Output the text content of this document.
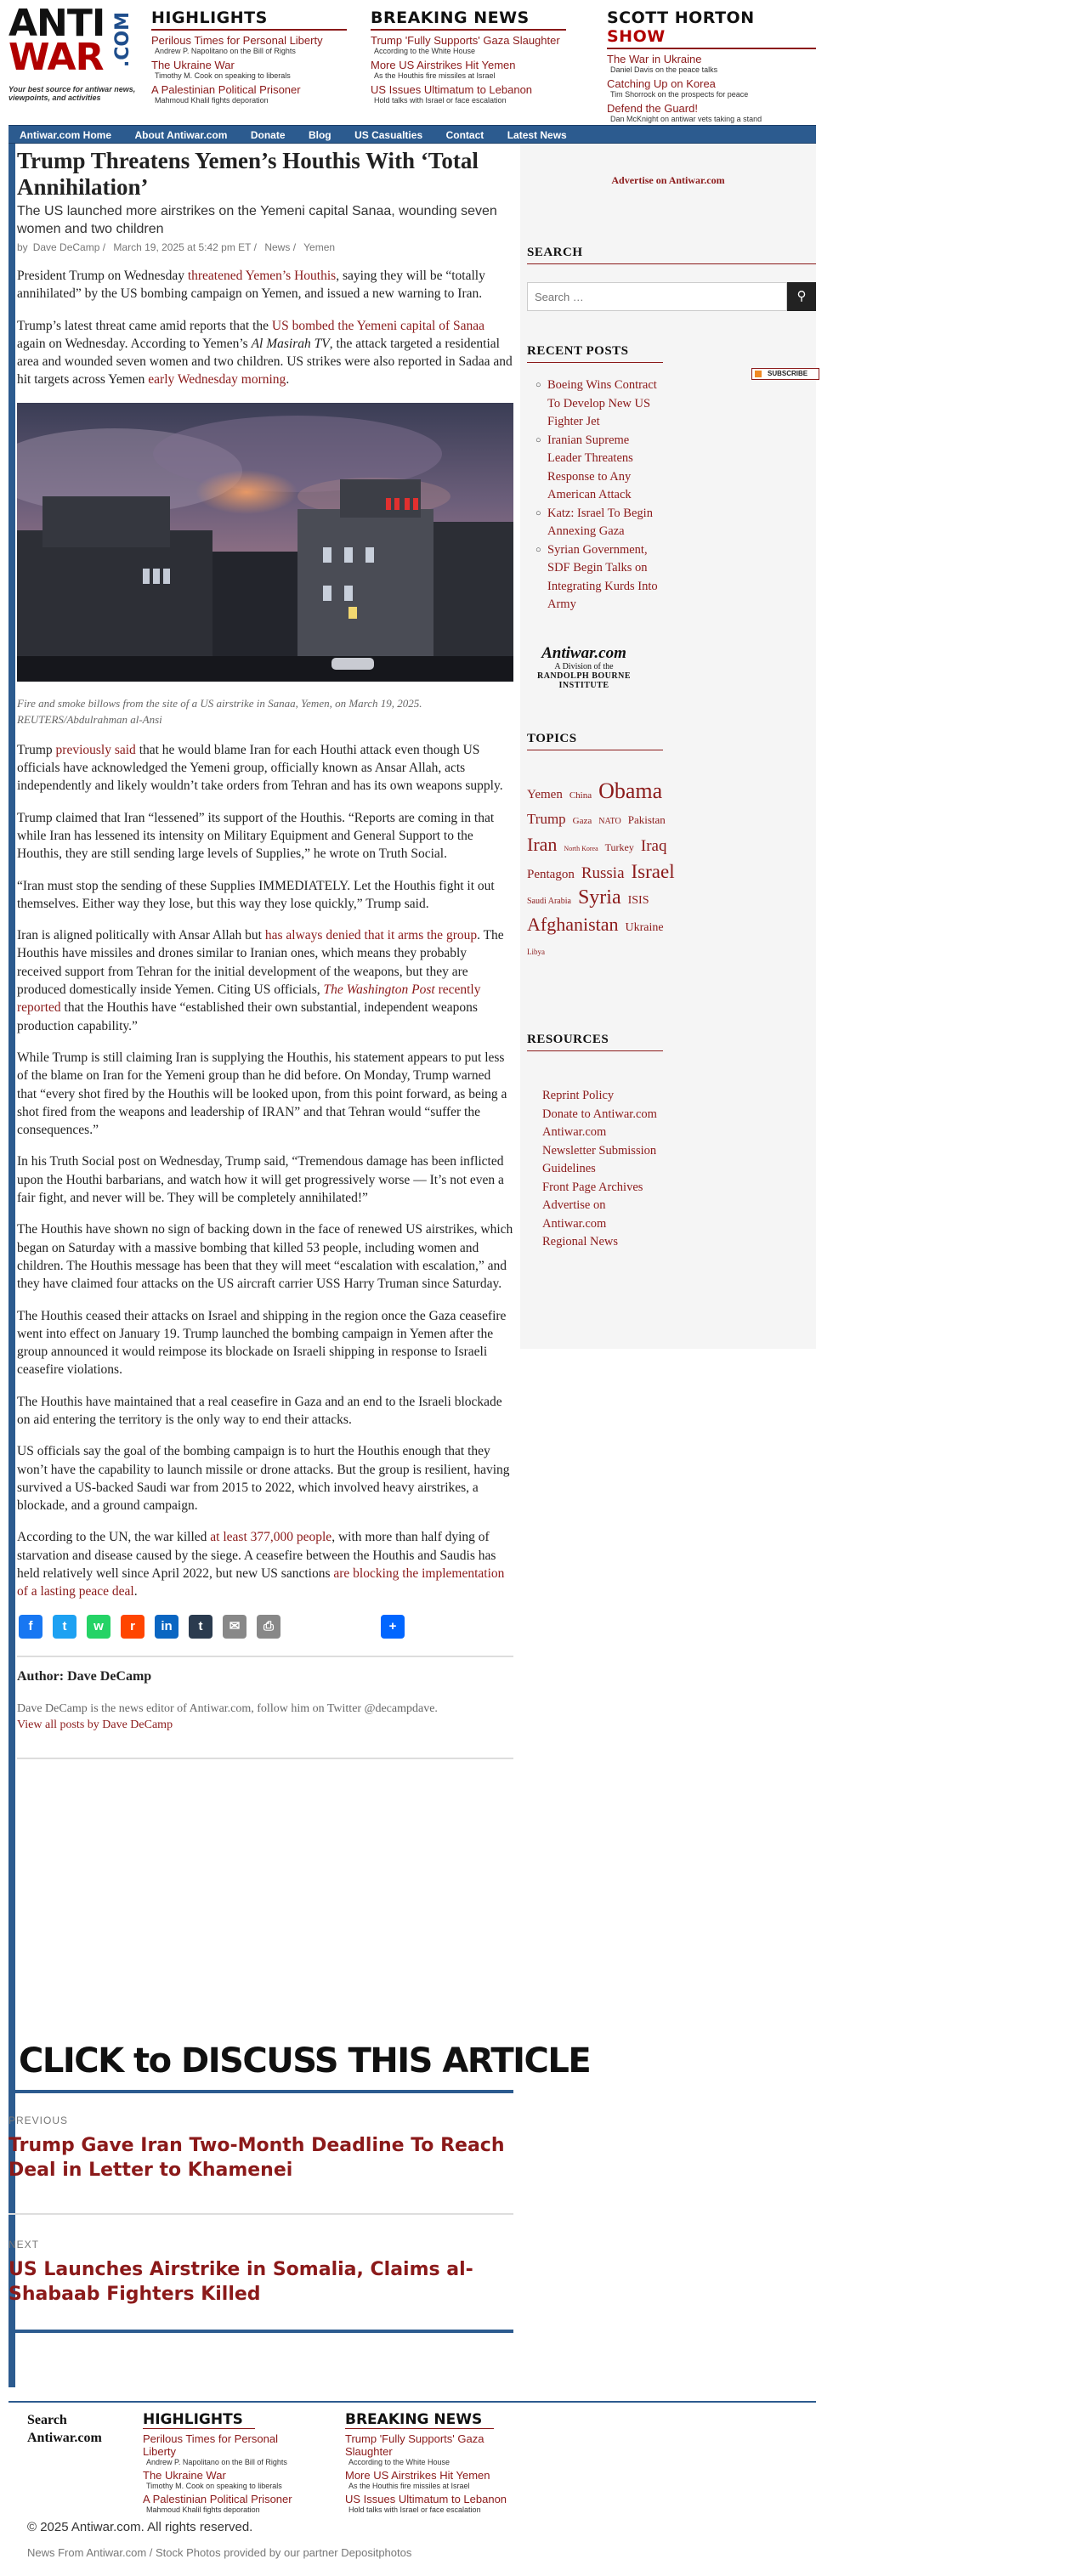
ANTI
WAR .COM
Your best source for antiwar news, viewpoints, and activities
HIGHLIGHTS
Perilous Times for Personal Liberty
Andrew P. Napolitano on the Bill of Rights
The Ukraine War
Timothy M. Cook on speaking to liberals
A Palestinian Political Prisoner
Mahmoud Khalil fights deporation
BREAKING NEWS
Trump 'Fully Supports' Gaza Slaughter
According to the White House
More US Airstrikes Hit Yemen
As the Houthis fire missiles at Israel
US Issues Ultimatum to Lebanon
Hold talks with Israel or face escalation
SCOTT HORTON SHOW
The War in Ukraine
Daniel Davis on the peace talks
Catching Up on Korea
Tim Shorrock on the prospects for peace
Defend the Guard!
Dan McKnight on antiwar vets taking a stand
Antiwar.com Home About Antiwar.com Donate Blog US Casualties Contact Latest News
Trump Threatens Yemen’s Houthis With ‘Total Annihilation’
The US launched more airstrikes on the Yemeni capital Sanaa, wounding seven women and two children
by Dave DeCamp / March 19, 2025 at 5:42 pm ET / News / Yemen

President Trump on Wednesday threatened Yemen’s Houthis, saying they will be “totally annihilated” by the US bombing campaign on Yemen, and issued a new warning to Iran.

Trump’s latest threat came amid reports that the US bombed the Yemeni capital of Sanaa again on Wednesday. According to Yemen’s Al Masirah TV, the attack targeted a residential area and wounded seven women and two children. US strikes were also reported in Sadaa and hit targets across Yemen early Wednesday morning.

Fire and smoke billows from the site of a US airstrike in Sanaa, Yemen, on March 19, 2025. REUTERS/Abdulrahman al-Ansi

Trump previously said that he would blame Iran for each Houthi attack even though US officials have acknowledged the Yemeni group, officially known as Ansar Allah, acts independently and likely wouldn’t take orders from Tehran and has its own weapons supply.

Trump claimed that Iran “lessened” its support of the Houthis. “Reports are coming in that while Iran has lessened its intensity on Military Equipment and General Support to the Houthis, they are still sending large levels of Supplies,” he wrote on Truth Social.

“Iran must stop the sending of these Supplies IMMEDIATELY. Let the Houthis fight it out themselves. Either way they lose, but this way they lose quickly,” Trump said.

Iran is aligned politically with Ansar Allah but has always denied that it arms the group. The Houthis have missiles and drones similar to Iranian ones, which means they probably received support from Tehran for the initial development of the weapons, but they are produced domestically inside Yemen. Citing US officials, The Washington Post recently reported that the Houthis have “established their own substantial, independent weapons production capability.”

While Trump is still claiming Iran is supplying the Houthis, his statement appears to put less of the blame on Iran for the Yemeni group than he did before. On Monday, Trump warned that “every shot fired by the Houthis will be looked upon, from this point forward, as being a shot fired from the weapons and leadership of IRAN” and that Tehran would “suffer the consequences.”

In his Truth Social post on Wednesday, Trump said, “Tremendous damage has been inflicted upon the Houthi barbarians, and watch how it will get progressively worse — It’s not even a fair fight, and never will be. They will be completely annihilated!”

The Houthis have shown no sign of backing down in the face of renewed US airstrikes, which began on Saturday with a massive bombing that killed 53 people, including women and children. The Houthis message has been that they will meet “escalation with escalation,” and they have claimed four attacks on the US aircraft carrier USS Harry Truman since Saturday.

The Houthis ceased their attacks on Israel and shipping in the region once the Gaza ceasefire went into effect on January 19. Trump launched the bombing campaign in Yemen after the group announced it would reimpose its blockade on Israeli shipping in response to Israeli ceasefire violations.

The Houthis have maintained that a real ceasefire in Gaza and an end to the Israeli blockade on aid entering the territory is the only way to end their attacks.

US officials say the goal of the bombing campaign is to hurt the Houthis enough that they won’t have the capability to launch missile or drone attacks. But the group is resilient, having survived a US-backed Saudi war from 2015 to 2022, which involved heavy airstrikes, a blockade, and a ground campaign.

According to the UN, the war killed at least 377,000 people, with more than half dying of starvation and disease caused by the siege. A ceasefire between the Houthis and Saudis has held relatively well since April 2022, but new US sanctions are blocking the implementation of a lasting peace deal.

f	t	w	r	in	t	✉	⎙	+
Author: Dave DeCamp

Dave DeCamp is the news editor of Antiwar.com, follow him on Twitter @decampdave.

View all posts by Dave DeCamp
CLICK to DISCUSS THIS ARTICLE
PREVIOUS
Trump Gave Iran Two-Month Deadline To Reach Deal in Letter to Khamenei
NEXT
US Launches Airstrike in Somalia, Claims al-Shabaab Fighters Killed
Advertise on Antiwar.com
SEARCH
Search …
⚲
RECENT POSTS
SUBSCRIBE
○ Boeing Wins Contract To Develop New US Fighter Jet
○ Iranian Supreme Leader Threatens Response to Any American Attack
○ Katz: Israel To Begin Annexing Gaza
○ Syrian Government, SDF Begin Talks on Integrating Kurds Into Army
Antiwar.com
A Division of the
RANDOLPH BOURNE
INSTITUTE
TOPICS
Yemen China Obama Trump Gaza NATO Pakistan Iran North Korea Turkey Iraq Pentagon Russia Israel Saudi Arabia Syria ISIS Afghanistan Ukraine Libya
RESOURCES
Reprint Policy
Donate to Antiwar.com
Antiwar.com Newsletter Submission Guidelines
Front Page Archives
Advertise on Antiwar.com
Regional News
Search
Antiwar.com
HIGHLIGHTS
Perilous Times for Personal Liberty
Andrew P. Napolitano on the Bill of Rights
The Ukraine War
Timothy M. Cook on speaking to liberals
A Palestinian Political Prisoner
Mahmoud Khalil fights deporation
BREAKING NEWS
Trump 'Fully Supports' Gaza Slaughter
According to the White House
More US Airstrikes Hit Yemen
As the Houthis fire missiles at Israel
US Issues Ultimatum to Lebanon
Hold talks with Israel or face escalation
© 2025 Antiwar.com. All rights reserved.
News From Antiwar.com / Stock Photos provided by our partner Depositphotos
